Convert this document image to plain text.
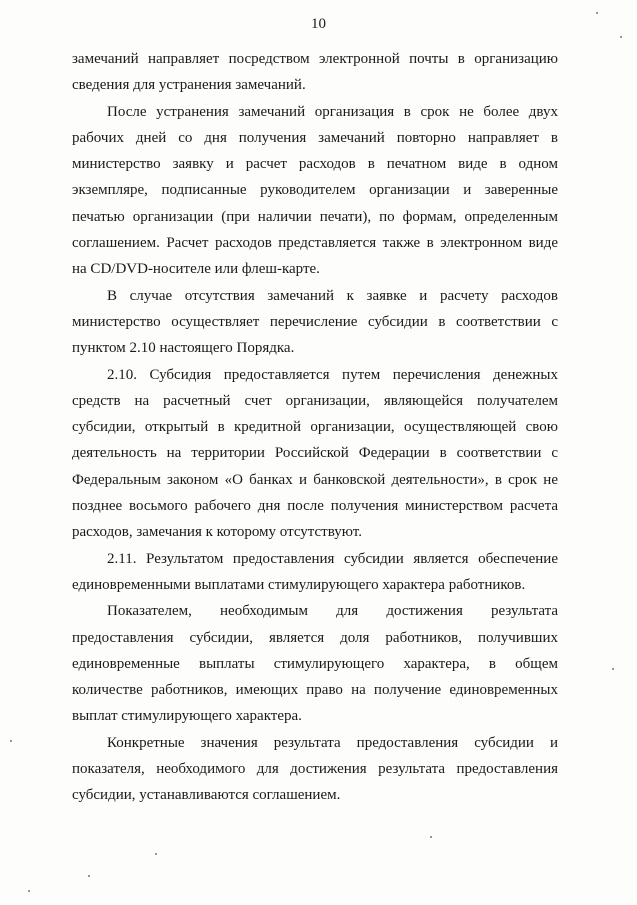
10
замечаний направляет посредством электронной почты в организацию
сведения для устранения замечаний.
После устранения замечаний организация в срок не более двух
рабочих дней со дня получения замечаний повторно направляет в
министерство заявку и расчет расходов в печатном виде в одном
экземпляре, подписанные руководителем организации и заверенные
печатью организации (при наличии печати), по формам, определенным
соглашением. Расчет расходов представляется также в электронном виде
на CD/DVD-носителе или флеш-карте.
В случае отсутствия замечаний к заявке и расчету расходов
министерство осуществляет перечисление субсидии в соответствии с
пунктом 2.10 настоящего Порядка.
2.10. Субсидия предоставляется путем перечисления денежных
средств на расчетный счет организации, являющейся получателем
субсидии, открытый в кредитной организации, осуществляющей свою
деятельность на территории Российской Федерации в соответствии с
Федеральным законом «О банках и банковской деятельности», в срок не
позднее восьмого рабочего дня после получения министерством расчета
расходов, замечания к которому отсутствуют.
2.11. Результатом предоставления субсидии является обеспечение
единовременными выплатами стимулирующего характера работников.
Показателем, необходимым для достижения результата
предоставления субсидии, является доля работников, получивших
единовременные выплаты стимулирующего характера, в общем
количестве работников, имеющих право на получение единовременных
выплат стимулирующего характера.
Конкретные значения результата предоставления субсидии и
показателя, необходимого для достижения результата предоставления
субсидии, устанавливаются соглашением.
